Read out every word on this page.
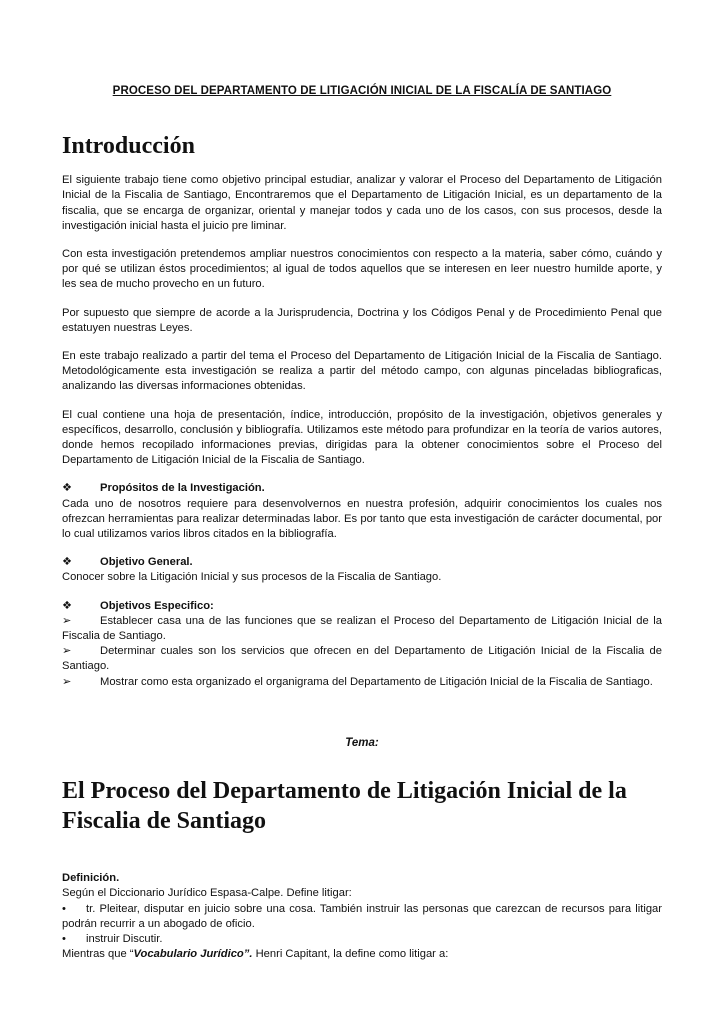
PROCESO DEL DEPARTAMENTO DE LITIGACIÓN INICIAL DE LA FISCALÍA DE SANTIAGO

Introducción

El siguiente trabajo tiene como objetivo principal estudiar, analizar y valorar el Proceso del Departamento de Litigación Inicial de la Fiscalia de Santiago, Encontraremos que el Departamento de Litigación Inicial, es un departamento de la fiscalia, que se encarga de organizar, oriental y manejar todos y cada uno de los casos, con sus procesos, desde la investigación inicial hasta el juicio pre liminar.

Con esta investigación pretendemos ampliar nuestros conocimientos con respecto a la materia, saber cómo, cuándo y por qué se utilizan éstos procedimientos; al igual de todos aquellos que se interesen en leer nuestro humilde aporte, y les sea de mucho provecho en un futuro.

Por supuesto que siempre de acorde a la Jurisprudencia, Doctrina y los Códigos Penal y de Procedimiento Penal que estatuyen nuestras Leyes.

En este trabajo realizado a partir del tema el Proceso del Departamento de Litigación Inicial de la Fiscalia de Santiago. Metodológicamente esta investigación se realiza a partir del método campo, con algunas pinceladas bibliograficas, analizando las diversas informaciones obtenidas.

El cual contiene una hoja de presentación, índice, introducción, propósito de la investigación, objetivos generales y específicos, desarrollo, conclusión y bibliografía. Utilizamos este método para profundizar en la teoría de varios autores, donde hemos recopilado informaciones previas, dirigidas para la obtener conocimientos sobre el Proceso del Departamento de Litigación Inicial de la Fiscalia de Santiago.

❖ Propósitos de la Investigación.

Cada uno de nosotros requiere para desenvolvernos en nuestra profesión, adquirir conocimientos los cuales nos ofrezcan herramientas para realizar determinadas labor. Es por tanto que esta investigación de carácter documental, por lo cual utilizamos varios libros citados en la bibliografía.

❖ Objetivo General.

Conocer sobre la Litigación Inicial y sus procesos de la Fiscalia de Santiago.

❖ Objetivos Especifico:

➢	Establecer casa una de las funciones que se realizan el Proceso del Departamento de Litigación Inicial de la Fiscalia de Santiago.

➢	Determinar cuales son los servicios que ofrecen en del Departamento de Litigación Inicial de la Fiscalia de Santiago.

➢	Mostrar como esta organizado el organigrama del Departamento de Litigación Inicial de la Fiscalia de Santiago.

Tema:

El Proceso del Departamento de Litigación Inicial de la Fiscalia de Santiago

Definición.

Según el Diccionario Jurídico Espasa-Calpe. Define litigar:

• tr. Pleitear, disputar en juicio sobre una cosa. También instruir las personas que carezcan de recursos para litigar podrán recurrir a un abogado de oficio.

• instruir Discutir.

Mientras que “Vocabulario Jurídico”. Henri Capitant, la define como litigar a:
